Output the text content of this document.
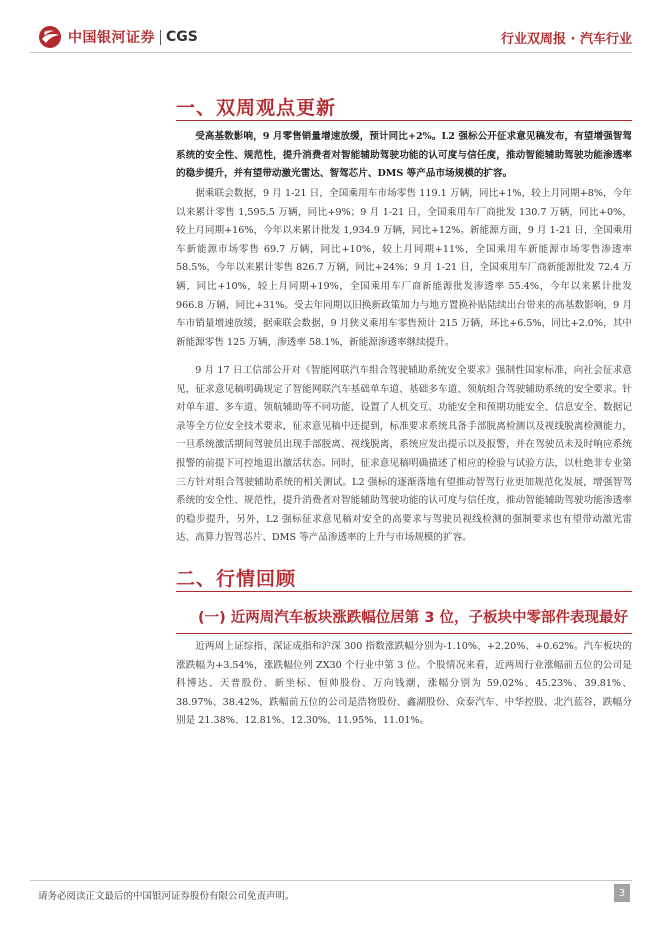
中国银河证券 CGS	行业双周报 · 汽车行业
一、双周观点更新

受高基数影响，9 月零售销量增速放缓，预计同比+2%。L2 强标公开征求意见稿发布，有望增强智驾系统的安全性、规范性，提升消费者对智能辅助驾驶功能的认可度与信任度，推动智能辅助驾驶功能渗透率的稳步提升，并有望带动激光雷达、智驾芯片、DMS 等产品市场规模的扩容。

据乘联会数据，9 月 1-21 日，全国乘用车市场零售 119.1 万辆，同比+1%，较上月同期+8%，今年以来累计零售 1,595.5 万辆，同比+9%；9 月 1-21 日，全国乘用车厂商批发 130.7 万辆，同比+0%，较上月同期+16%，今年以来累计批发 1,934.9 万辆，同比+12%。新能源方面，9 月 1-21 日，全国乘用车新能源市场零售 69.7 万辆，同比+10%，较上月同期+11%，全国乘用车新能源市场零售渗透率 58.5%，今年以来累计零售 826.7 万辆，同比+24%；9 月 1-21 日，全国乘用车厂商新能源批发 72.4 万辆，同比+10%，较上月同期+19%，全国乘用车厂商新能源批发渗透率 55.4%，今年以来累计批发 966.8 万辆，同比+31%。受去年同期以旧换新政策加力与地方置换补贴陆续出台带来的高基数影响，9 月车市销量增速放缓，据乘联会数据，9 月狭义乘用车零售预计 215 万辆，环比+6.5%，同比+2.0%，其中新能源零售 125 万辆，渗透率 58.1%，新能源渗透率继续提升。

9 月 17 日工信部公开对《智能网联汽车组合驾驶辅助系统安全要求》强制性国家标准，向社会征求意见，征求意见稿明确规定了智能网联汽车基础单车道、基础多车道、领航组合驾驶辅助系统的安全要求。针对单车道、多车道、领航辅助等不同功能，设置了人机交互、功能安全和预期功能安全、信息安全、数据记录等全方位安全技术要求，征求意见稿中还提到，标准要求系统具备手部脱离检测以及视线脱离检测能力，一旦系统激活期间驾驶员出现手部脱离、视线脱离，系统应发出提示以及报警，并在驾驶员未及时响应系统报警的前提下可控地退出激活状态。同时，征求意见稿明确描述了相应的检验与试验方法，以杜绝非专业第三方针对组合驾驶辅助系统的相关测试。L2 强标的逐渐落地有望推动智驾行业更加规范化发展，增强智驾系统的安全性、规范性，提升消费者对智能辅助驾驶功能的认可度与信任度，推动智能辅助驾驶功能渗透率的稳步提升，另外，L2 强标征求意见稿对安全的高要求与驾驶员视线检测的强制要求也有望带动激光雷达、高算力智驾芯片、DMS 等产品渗透率的上升与市场规模的扩容。

二、行情回顾
(一) 近两周汽车板块涨跌幅位居第 3 位，子板块中零部件表现最好

近两周上证综指、深证成指和沪深 300 指数涨跌幅分别为-1.10%、+2.20%、+0.62%。汽车板块的涨跌幅为+3.54%，涨跌幅位列 ZX30 个行业中第 3 位。个股情况来看，近两周行业涨幅前五位的公司是科博达、天普股份、新坐标、恒帅股份、万向钱潮，涨幅分别为 59.02%、45.23%、39.81%、38.97%、38.42%，跌幅前五位的公司是浩物股份、鑫湖股份、众泰汽车、中华控股、北汽蓝谷，跌幅分别是 21.38%、12.81%、12.30%、11.95%、11.01%。

请务必阅读正文最后的中国银河证券股份有限公司免责声明。	3
